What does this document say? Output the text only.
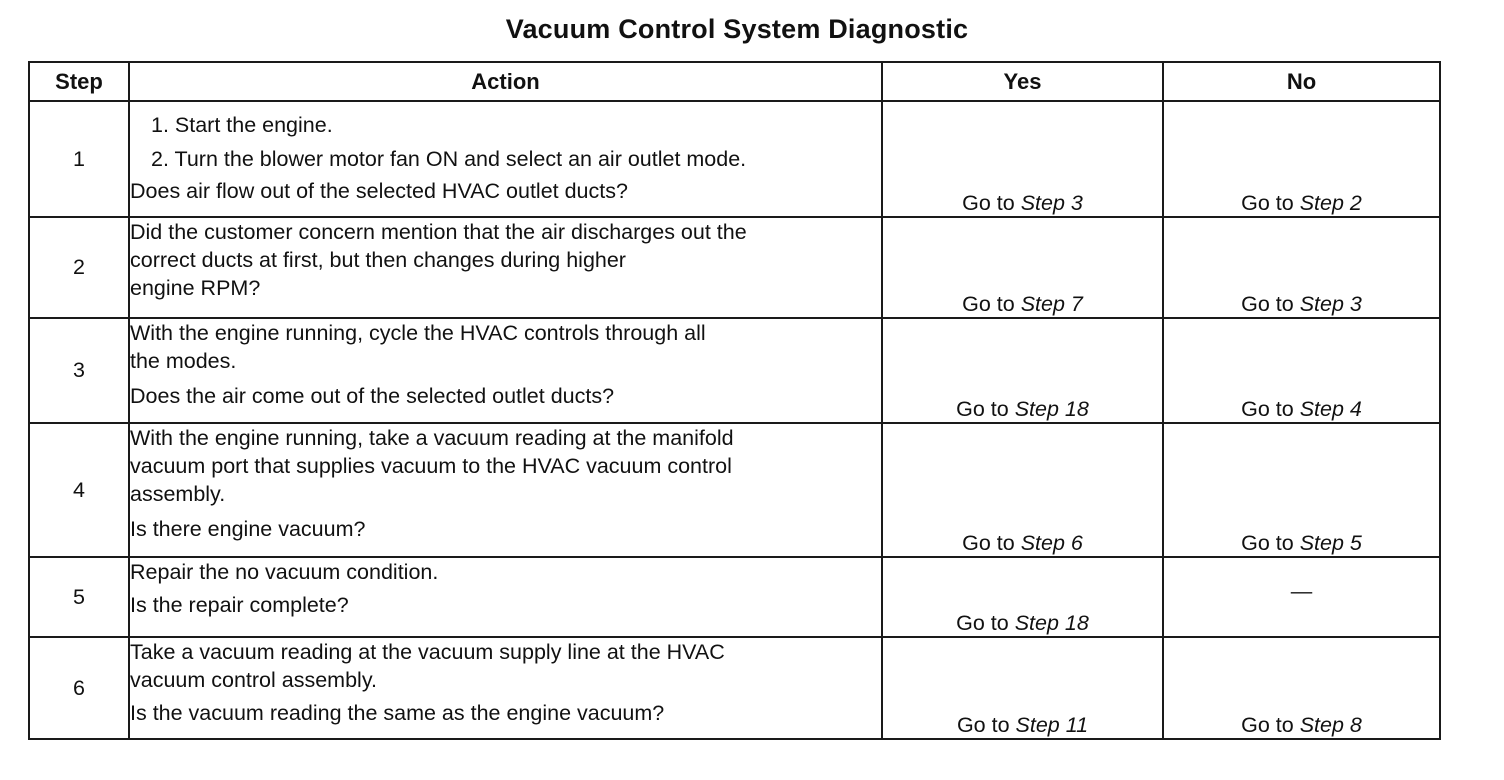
Vacuum Control System Diagnostic
Step	Action	Yes	No
1	1. Start the engine.
2. Turn the blower motor fan ON and select an air outlet mode.
Does air flow out of the selected HVAC outlet ducts?	Go to Step 3	Go to Step 2
2	Did the customer concern mention that the air discharges out the
correct ducts at first, but then changes during higher
engine RPM?	Go to Step 7	Go to Step 3
3	With the engine running, cycle the HVAC controls through all
the modes.
Does the air come out of the selected outlet ducts?	Go to Step 18	Go to Step 4
4	With the engine running, take a vacuum reading at the manifold
vacuum port that supplies vacuum to the HVAC vacuum control
assembly.
Is there engine vacuum?	Go to Step 6	Go to Step 5
5	Repair the no vacuum condition.
Is the repair complete?	Go to Step 18	—
6	Take a vacuum reading at the vacuum supply line at the HVAC
vacuum control assembly.
Is the vacuum reading the same as the engine vacuum?	Go to Step 11	Go to Step 8
